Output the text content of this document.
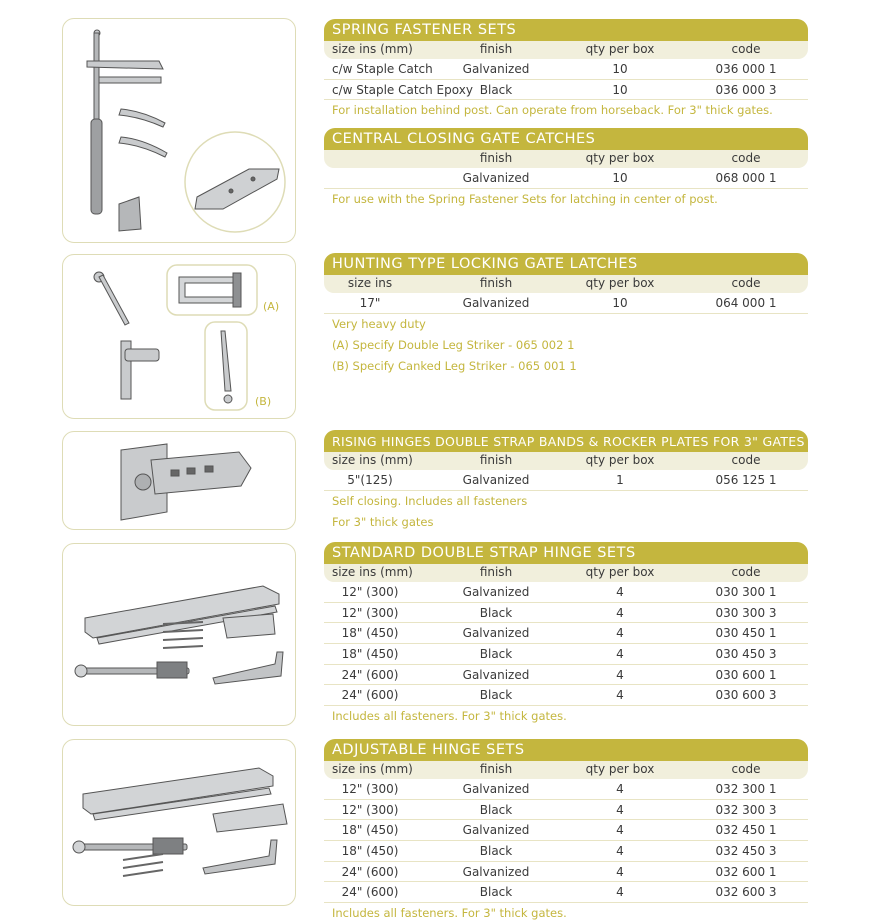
(A)
(B)
SPRING FASTENER SETS
size ins (mm)	finish	qty per box	code
c/w Staple Catch	Galvanized	10	036 000 1
c/w Staple Catch Epoxy Black	10	036 000 3
For installation behind post. Can operate from horseback. For 3" thick gates.
CENTRAL CLOSING GATE CATCHES
finish	qty per box	code
Galvanized	10	068 000 1
For use with the Spring Fastener Sets for latching in center of post.
HUNTING TYPE LOCKING GATE LATCHES
size ins	finish	qty per box	code
17"	Galvanized	10	064 000 1
Very heavy duty
(A) Specify Double Leg Striker - 065 002 1
(B) Specify Canked Leg Striker - 065 001 1
RISING HINGES DOUBLE STRAP BANDS & ROCKER PLATES FOR 3" GATES
size ins (mm)	finish	qty per box	code
5"(125)	Galvanized	1	056 125 1
Self closing. Includes all fasteners
For 3" thick gates
STANDARD DOUBLE STRAP HINGE SETS
size ins (mm)	finish	qty per box	code
12" (300)	Galvanized	4	030 300 1
12" (300)	Black	4	030 300 3
18" (450)	Galvanized	4	030 450 1
18" (450)	Black	4	030 450 3
24" (600)	Galvanized	4	030 600 1
24" (600)	Black	4	030 600 3
Includes all fasteners. For 3" thick gates.
ADJUSTABLE HINGE SETS
size ins (mm)	finish	qty per box	code
12" (300)	Galvanized	4	032 300 1
12" (300)	Black	4	032 300 3
18" (450)	Galvanized	4	032 450 1
18" (450)	Black	4	032 450 3
24" (600)	Galvanized	4	032 600 1
24" (600)	Black	4	032 600 3
Includes all fasteners. For 3" thick gates.
